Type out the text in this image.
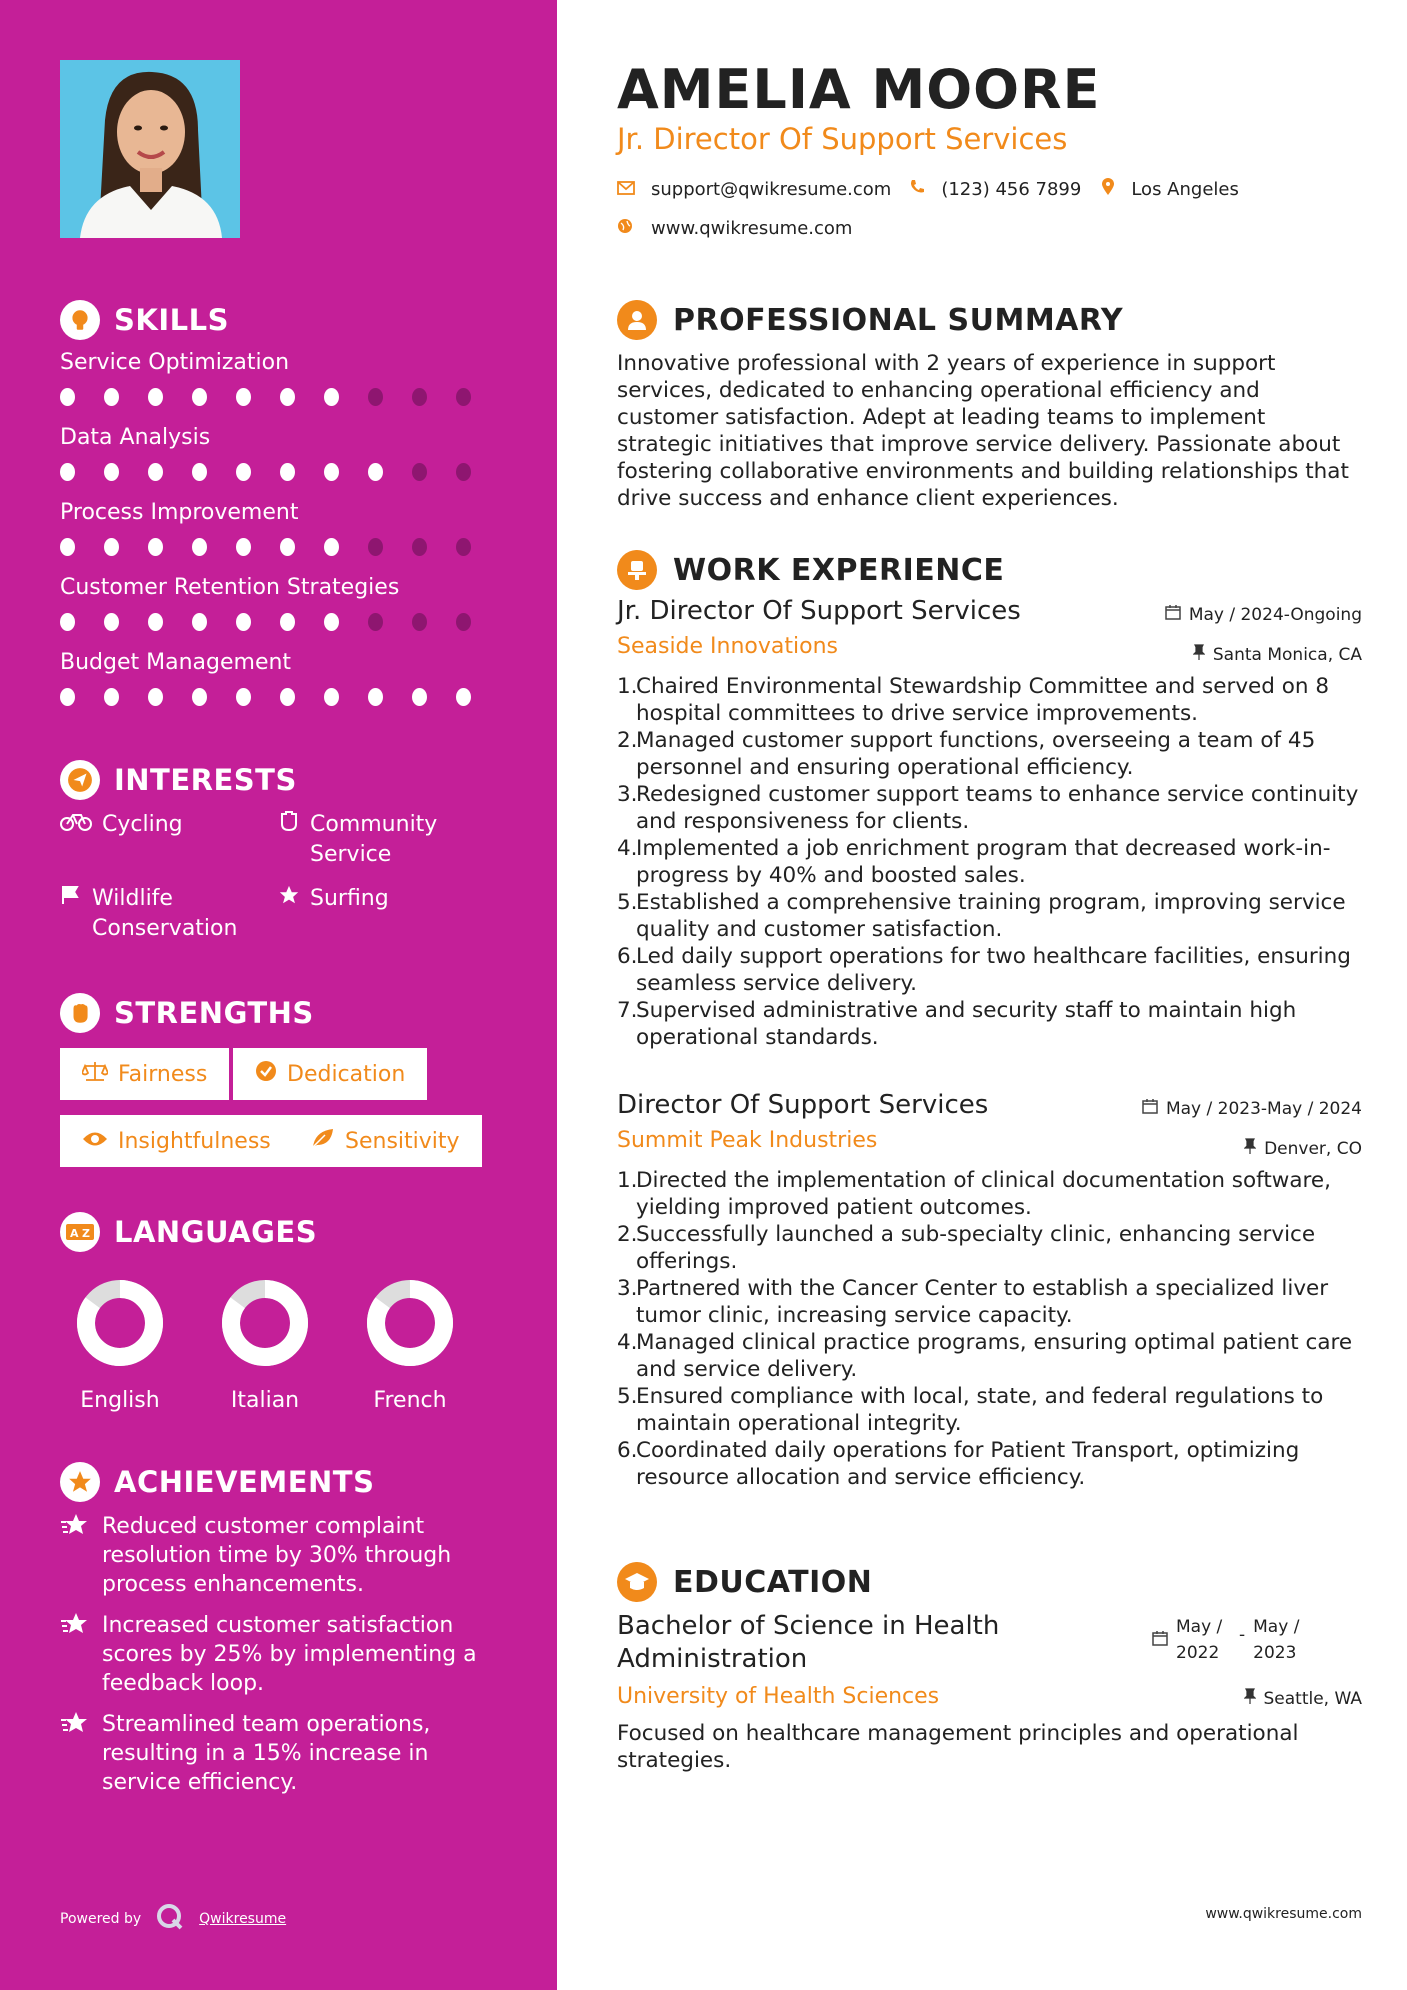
SKILLS
Service Optimization
Data Analysis
Process Improvement
Customer Retention Strategies
Budget Management
INTERESTS
Cycling	Community Service
Wildlife Conservation
Surfing
STRENGTHS
Fairness	Dedication
Insightfulness	Sensitivity
A Z LANGUAGES
English	Italian	French
ACHIEVEMENTS
Reduced customer complaint resolution time by 30% through process enhancements.
Increased customer satisfaction scores by 25% by implementing a feedback loop.
Streamlined team operations, resulting in a 15% increase in service efficiency.
Powered by	Qwikresume
AMELIA MOORE
Jr. Director Of Support Services
support@qwikresume.com	(123) 456 7899	Los Angeles
www.qwikresume.com
PROFESSIONAL SUMMARY
Innovative professional with 2 years of experience in support services, dedicated to enhancing operational efficiency and customer satisfaction. Adept at leading teams to implement strategic initiatives that improve service delivery. Passionate about fostering collaborative environments and building relationships that drive success and enhance client experiences.
WORK EXPERIENCE
Jr. Director Of Support Services	May / 2024-Ongoing
Seaside Innovations	Santa Monica, CA
1.
Chaired Environmental Stewardship Committee and served on 8 hospital committees to drive service improvements.
2.
Managed customer support functions, overseeing a team of 45 personnel and ensuring operational efficiency.
3.
Redesigned customer support teams to enhance service continuity and responsiveness for clients.
4.
Implemented a job enrichment program that decreased work-in-progress by 40% and boosted sales.
5.
Established a comprehensive training program, improving service quality and customer satisfaction.
6.
Led daily support operations for two healthcare facilities, ensuring seamless service delivery.
7.
Supervised administrative and security staff to maintain high operational standards.
Director Of Support Services	May / 2023-May / 2024
Summit Peak Industries	Denver, CO
1.
Directed the implementation of clinical documentation software, yielding improved patient outcomes.
2.
Successfully launched a sub-specialty clinic, enhancing service offerings.
3.
Partnered with the Cancer Center to establish a specialized liver tumor clinic, increasing service capacity.
4.
Managed clinical practice programs, ensuring optimal patient care and service delivery.
5.
Ensured compliance with local, state, and federal regulations to maintain operational integrity.
6.
Coordinated daily operations for Patient Transport, optimizing resource allocation and service efficiency.
EDUCATION
Bachelor of Science in Health Administration
May / 2022
- May / 2023
University of Health Sciences	Seattle, WA
Focused on healthcare management principles and operational strategies.
www.qwikresume.com
